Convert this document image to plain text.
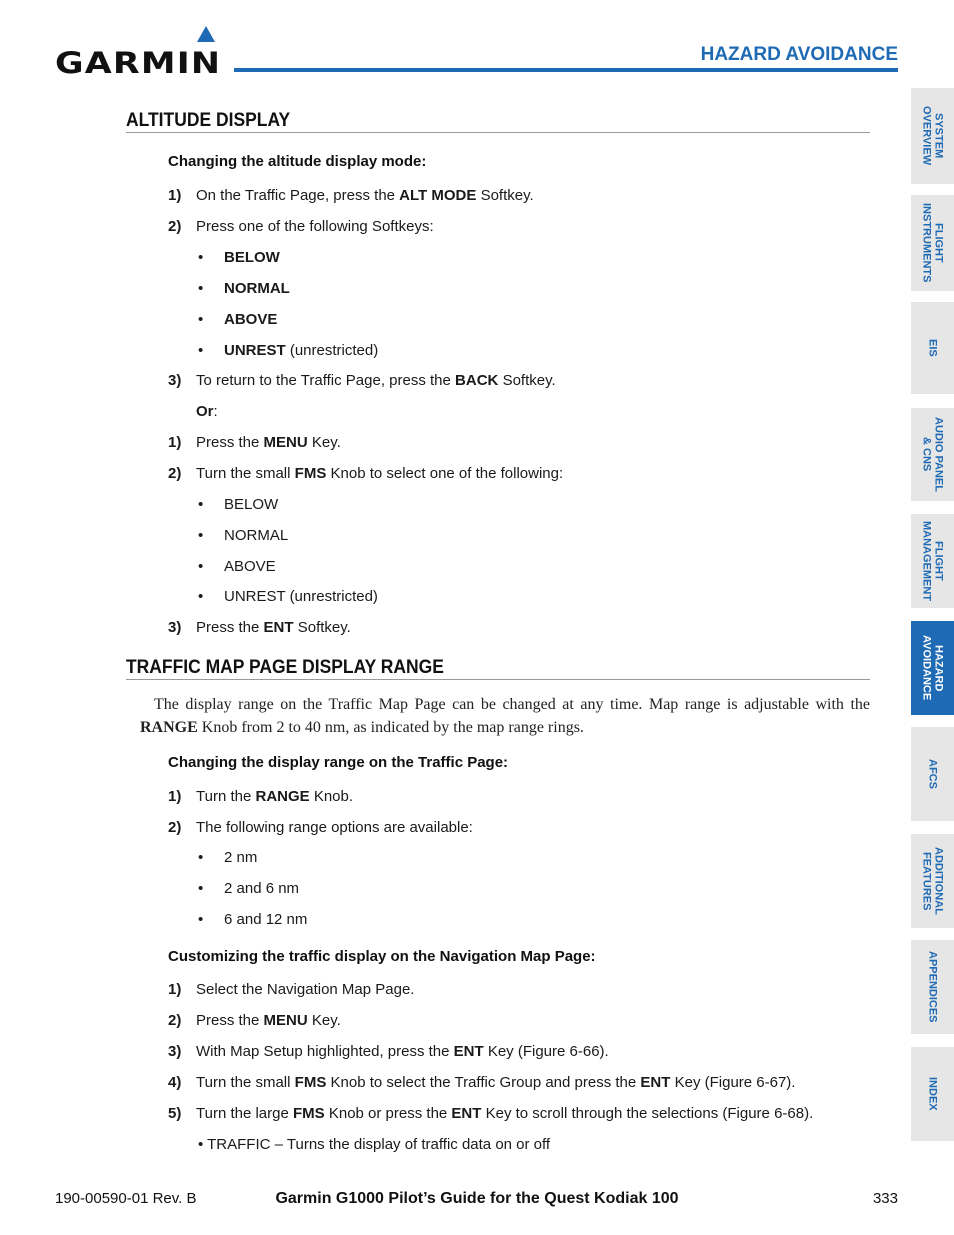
GARMIN	HAZARD AVOIDANCE
ALTITUDE DISPLAY
Changing the altitude display mode:
1) On the Traffic Page, press the ALT MODE Softkey.
2) Press one of the following Softkeys:
• BELOW
• NORMAL
• ABOVE
• UNREST (unrestricted)
3) To return to the Traffic Page, press the BACK Softkey.
Or:
1) Press the MENU Key.
2) Turn the small FMS Knob to select one of the following:
• BELOW
• NORMAL
• ABOVE
• UNREST (unrestricted)
3) Press the ENT Softkey.
TRAFFIC MAP PAGE DISPLAY RANGE
The display range on the Traffic Map Page can be changed at any time. Map range is adjustable with the RANGE Knob from 2 to 40 nm, as indicated by the map range rings.
Changing the display range on the Traffic Page:
1) Turn the RANGE Knob.
2) The following range options are available:
• 2 nm
• 2 and 6 nm
• 6 and 12 nm
Customizing the traffic display on the Navigation Map Page:
1) Select the Navigation Map Page.
2) Press the MENU Key.
3) With Map Setup highlighted, press the ENT Key (Figure 6-66).
4) Turn the small FMS Knob to select the Traffic Group and press the ENT Key (Figure 6-67).
5) Turn the large FMS Knob or press the ENT Key to scroll through the selections (Figure 6-68).
• TRAFFIC – Turns the display of traffic data on or off
SYSTEM
OVERVIEW
FLIGHT
INSTRUMENTS
EIS
AUDIO PANEL
& CNS
FLIGHT
MANAGEMENT
HAZARD
AVOIDANCE
AFCS
ADDITIONAL
FEATURES
APPENDICES
INDEX
190-00590-01 Rev. B	Garmin G1000 Pilot’s Guide for the Quest Kodiak 100	333
